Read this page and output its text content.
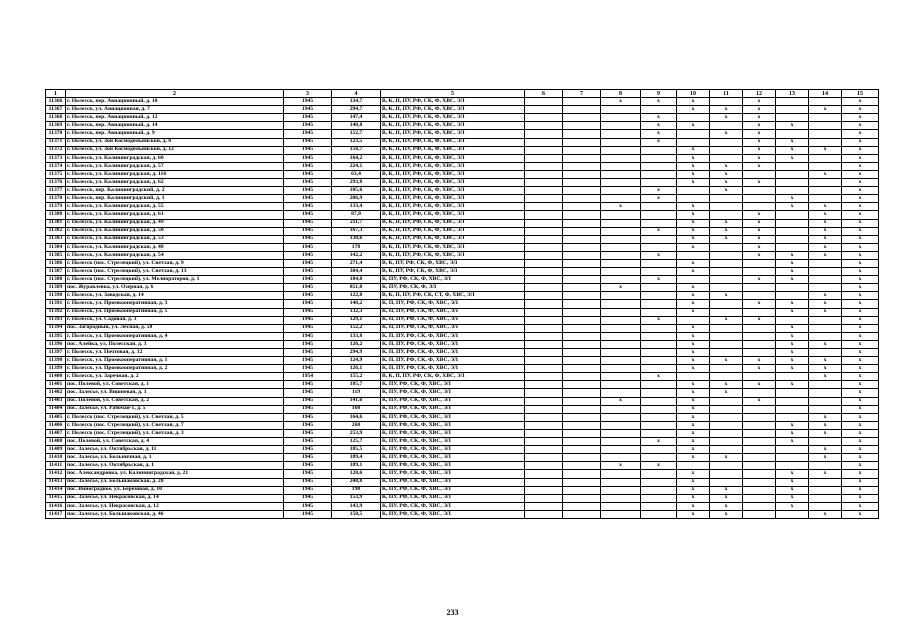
1	2	3	4	5	6	7	8	9	10	11	12	13	14	15
11366	г. Полесск, пер. Авиационный, д. 10	1945	134,7	В, К, П, ПУ, РФ, СК, Ф, ХВС, ЭЛ			х	х	х		х			х
11367	г. Полесск, ул. Авиационная, д. 7	1945	294,7	В, К, П, ПУ, РФ, СК, Ф, ХВС, ЭЛ					х	х	х		х	х
11368	г. Полесск, пер. Авиационный, д. 12	1945	147,4	В, К, П, ПУ, РФ, СК, Ф, ХВС, ЭЛ				х		х	х			х
11369	г. Полесск, пер. Авиационный, д. 14	1945	148,8	В, К, П, ПУ, РФ, СК, Ф, ХВС, ЭЛ				х	х		х	х		х
11370	г. Полесск, пер. Авиационный, д. 9	1945	152,7	В, К, П, ПУ, РФ, СК, Ф, ХВС, ЭЛ				х		х	х			х
11371	г. Полесск, ул. Зои Космодемьянской, д. 8	1945	123,5	В, К, П, ПУ, РФ, СК, Ф, ХВС, ЭЛ				х			х	х		х
11372	г. Полесск, ул. Зои Космодемьянской, д. 12	1945	158,7	В, К, П, ПУ, РФ, СК, Ф, ХВС, ЭЛ					х		х	х	х	х
11373	г. Полесск, ул. Калининградская, д. 60	1945	164,2	В, К, П, ПУ, РФ, СК, Ф, ХВС, ЭЛ					х		х	х		х
11374	г. Полесск, ул. Калининградская, д. 57	1945	224,1	В, К, П, ПУ, РФ, СК, Ф, ХВС, ЭЛ					х	х	х			х
11375	г. Полесск, ул. Калининградская, д. 116	1945	63,4	В, К, П, ПУ, РФ, СК, Ф, ХВС, ЭЛ					х	х			х	х
11376	г. Полесск, ул. Калининградская, д. 62	1945	293,8	В, К, П, ПУ, РФ, СК, Ф, ХВС, ЭЛ					х	х	х			х
11377	г. Полесск, пер. Калининградский, д. 2	1945	105,6	В, К, П, ПУ, РФ, СК, Ф, ХВС, ЭЛ				х		х				х
11378	г. Полесск, пер. Калининградский, д. 1	1945	206,9	В, К, П, ПУ, РФ, СК, Ф, ХВС, ЭЛ				х				х		х
11379	г. Полесск, ул. Калининградская, д. 55	1945	133,4	В, К, П, ПУ, РФ, СК, Ф, ХВС, ЭЛ			х		х			х	х	х
11380	г. Полесск, ул. Калининградская, д. 61	1945	87,8	В, К, П, ПУ, РФ, СК, Ф, ХВС, ЭЛ					х		х		х	х
11381	г. Полесск, ул. Калининградская, д. 49	1945	211,7	В, К, П, ПУ, РФ, СК, Ф, ХВС, ЭЛ					х	х	х		х	х
11382	г. Полесск, ул. Калининградская, д. 50	1945	167,3	В, К, П, ПУ, РФ, СК, Ф, ХВС, ЭЛ				х	х	х	х		х	х
11383	г. Полесск, ул. Калининградская, д. 53	1945	138,6	В, К, П, ПУ, РФ, СК, Ф, ХВС, ЭЛ					х	х	х		х	х
11384	г. Полесск, ул. Калининградская, д. 48	1945	178	В, К, П, ПУ, РФ, СК, Ф, ХВС, ЭЛ					х		х		х	х
11385	г. Полесск, ул. Калининградская, д. 54	1945	142,2	В, К, П, ПУ, РФ, СК, Ф, ХВС, ЭЛ				х			х	х	х	х
11386	г. Полесск (пос. Стрелецкий), ул. Светлая, д. 9	1945	271,4	В, К, ПУ, РФ, СК, Ф, ХВС, ЭЛ					х			х		х
11387	г. Полесск (пос. Стрелецкий), ул. Светлая, д. 13	1945	384,4	В, К, ПУ, РФ, СК, Ф, ХВС, ЭЛ					х			х		х
11388	г. Полесск (пос. Стрелецкий), ул. Мелиораторов, д. 1	1945	184,8	К, ПУ, РФ, СК, Ф, ХВС, ЭЛ				х			х	х		х
11389	пос. Журавлевка, ул. Озерная, д. 6	1945	851,8	К, ПУ, РФ, СК, Ф, ЭЛ			х		х					х
11390	г. Полесск, ул. Заводская, д. 14	1945	122,8	В, К, П, ПУ, РФ, СК, СТ, Ф, ХВС, ЭЛ					х	х			х	х
11391	г. Полесск, ул. Промкооперативная, д. 3	1945	148,2	К, П, ПУ, РФ, СК, Ф, ХВС, ЭЛ					х		х	х	х	х
11392	г. Полесск, ул. Промкооперативная, д. 5	1945	132,3	К, П, ПУ, РФ, СК, Ф, ХВС, ЭЛ					х			х	х	х
11393	г. Полесск, ул. Садовая, д. 3	1945	129,1	К, П, ПУ, РФ, СК, Ф, ХВС, ЭЛ				х		х	х			х
11394	пос. Загородный, ул. Лесная, д. 58	1945	152,2	К, П, ПУ, РФ, СК, Ф, ХВС, ЭЛ					х			х		х
11395	г. Полесск, ул. Промкооперативная, д. 4	1945	133,8	К, П, ПУ, РФ, СК, Ф, ХВС, ЭЛ					х			х		х
11396	пос. Алейка, ул. Полесская, д. 3	1945	126,2	К, П, ПУ, РФ, СК, Ф, ХВС, ЭЛ					х			х	х	х
11397	г. Полесск, ул. Почтовая, д. 12	1945	294,9	К, П, ПУ, РФ, СК, Ф, ХВС, ЭЛ					х			х		х
11398	г. Полесск, ул. Промкооперативная, д. 1	1945	124,9	К, П, ПУ, РФ, СК, Ф, ХВС, ЭЛ					х	х	х	х	х	х
11399	г. Полесск, ул. Промкооперативная, д. 2	1945	126,1	К, П, ПУ, РФ, СК, Ф, ХВС, ЭЛ					х		х	х	х	х
11400	г. Полесск, ул. Заречная, д. 2	1954	155,2	В, К, П, ПУ, РФ, СК, Ф, ХВС, ЭЛ				х					х	х
11401	пос. Полевой, ул. Советская, д. 1	1945	185,7	К, ПУ, РФ, СК, Ф, ХВС, ЭЛ					х	х	х	х		х
11402	пос. Залесье, ул. Вишневая, д. 1	1945	119	К, ПУ, РФ, СК, Ф, ХВС, ЭЛ					х	х				х
11403	пос. Полевой, ул. Советская, д. 2	1945	141,6	К, ПУ, РФ, СК, Ф, ХВС, ЭЛ			х		х		х			х
11404	пос. Залесье, ул. Рабочая-1, д. 5	1945	168	К, ПУ, РФ, СК, Ф, ХВС, ЭЛ					х					х
11405	г. Полесск (пос. Стрелецкий), ул. Светлая, д. 5	1945	164,6	К, ПУ, РФ, СК, Ф, ХВС, ЭЛ					х				х	х
11406	г. Полесск (пос. Стрелецкий), ул. Светлая, д. 7	1945	268	К, ПУ, РФ, СК, Ф, ХВС, ЭЛ					х			х	х	х
11407	г. Полесск (пос. Стрелецкий), ул. Светлая, д. 3	1945	253,9	К, ПУ, РФ, СК, Ф, ХВС, ЭЛ					х			х	х	х
11408	пос. Полевой, ул. Советская, д. 4	1945	125,7	К, ПУ, РФ, СК, Ф, ХВС, ЭЛ				х	х			х		х
11409	пос. Залесье, ул. Октябрьская, д. 11	1945	185,5	К, ПУ, РФ, СК, Ф, ХВС, ЭЛ					х				х	х
11410	пос. Залесье, ул. Больничная, д. 1	1945	189,4	К, ПУ, РФ, СК, Ф, ХВС, ЭЛ					х	х			х	х
11411	пос. Залесье, ул. Октябрьская, д. 1	1945	189,1	К, ПУ, РФ, СК, Ф, ХВС, ЭЛ			х	х						х
11412	пос. Александровка, ул. Калининградская, д. 21	1945	128,6	К, ПУ, РФ, СК, Ф, ХВС, ЭЛ					х			х	х	х
11413	пос. Залесье, ул. Большаковская, д. 20	1945	248,8	К, ПУ, РФ, СК, Ф, ХВС, ЭЛ					х			х		х
11414	пос. Виноградное, ул. Березовая, д. 10	1945	198	К, ПУ, РФ, СК, Ф, ХВС, ЭЛ					х	х		х		х
11415	пос. Залесье, ул. Некрасовская, д. 14	1945	153,9	К, ПУ, РФ, СК, Ф, ХВС, ЭЛ					х	х		х		х
11416	пос. Залесье, ул. Некрасовская, д. 12	1945	143,9	К, ПУ, РФ, СК, Ф, ХВС, ЭЛ					х	х		х		х
11417	пос. Залесье, ул. Большаковская, д. 46	1945	158,5	К, ПУ, РФ, СК, Ф, ХВС, ЭЛ					х	х			х	х
233
